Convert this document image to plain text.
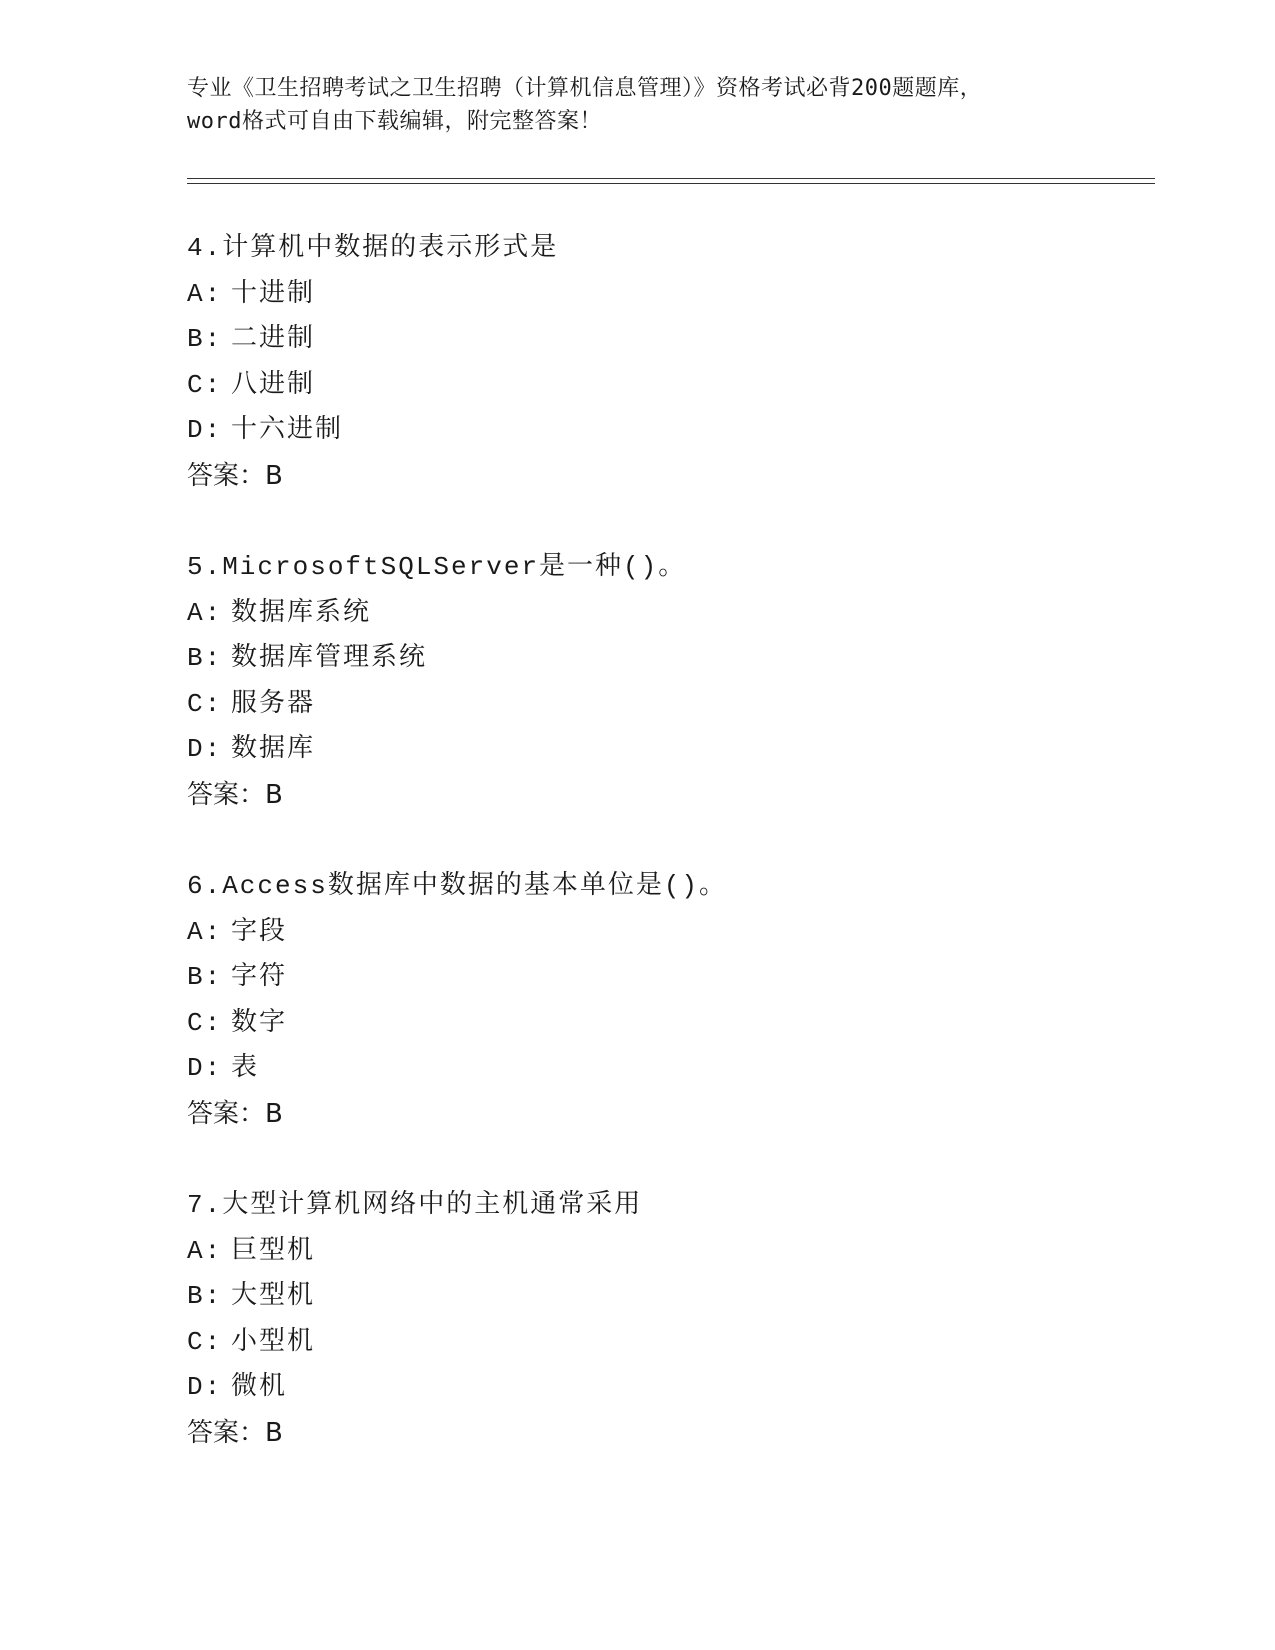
专业《卫生招聘考试之卫生招聘（计算机信息管理）》资格考试必背200题题库，
word格式可自由下载编辑，附完整答案！
4.计算机中数据的表示形式是
A: 十进制
B: 二进制
C: 八进制
D: 十六进制
答案：B
5.MicrosoftSQLServer是一种()。
A: 数据库系统
B: 数据库管理系统
C: 服务器
D: 数据库
答案：B
6.Access数据库中数据的基本单位是()。
A: 字段
B: 字符
C: 数字
D: 表
答案：B
7.大型计算机网络中的主机通常采用
A: 巨型机
B: 大型机
C: 小型机
D: 微机
答案：B
